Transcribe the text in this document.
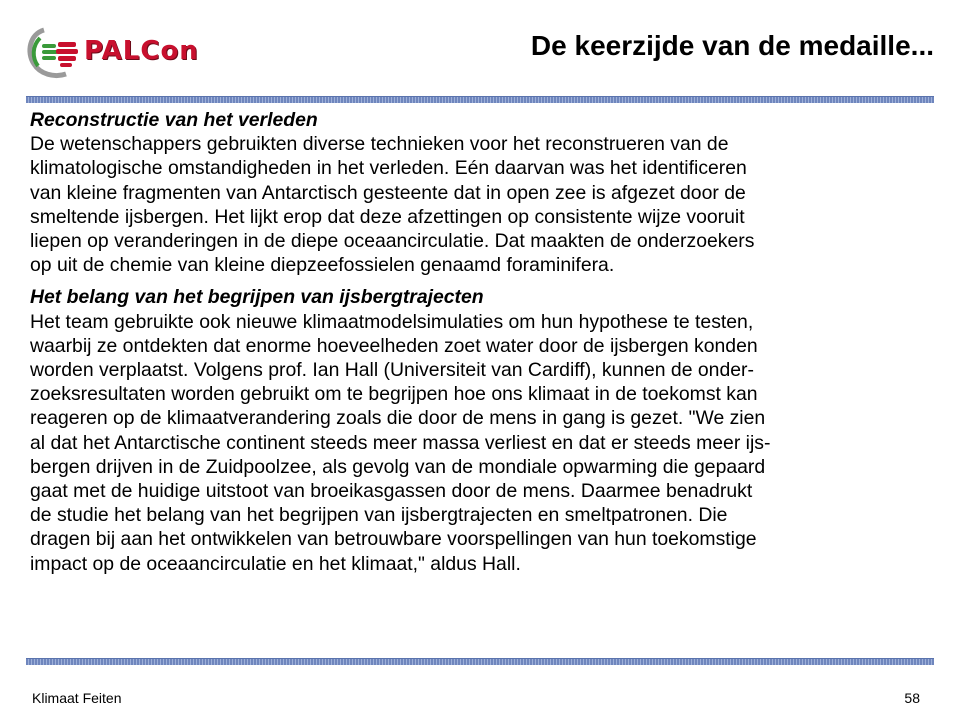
PALCon	De keerzijde van de medaille...

Reconstructie van het verleden

De wetenschappers gebruikten diverse technieken voor het reconstrueren van de
klimatologische omstandigheden in het verleden. Eén daarvan was het identificeren
van kleine fragmenten van Antarctisch gesteente dat in open zee is afgezet door de
smeltende ijsbergen. Het lijkt erop dat deze afzettingen op consistente wijze vooruit
liepen op veranderingen in de diepe oceaancirculatie. Dat maakten de onderzoekers
op uit de chemie van kleine diepzeefossielen genaamd foraminifera.

Het belang van het begrijpen van ijsbergtrajecten

Het team gebruikte ook nieuwe klimaatmodelsimulaties om hun hypothese te testen,
waarbij ze ontdekten dat enorme hoeveelheden zoet water door de ijsbergen konden
worden verplaatst. Volgens prof. Ian Hall (Universiteit van Cardiff), kunnen de onder-
zoeksresultaten worden gebruikt om te begrijpen hoe ons klimaat in de toekomst kan
reageren op de klimaatverandering zoals die door de mens in gang is gezet. "We zien
al dat het Antarctische continent steeds meer massa verliest en dat er steeds meer ijs-
bergen drijven in de Zuidpoolzee, als gevolg van de mondiale opwarming die gepaard
gaat met de huidige uitstoot van broeikasgassen door de mens. Daarmee benadrukt
de studie het belang van het begrijpen van ijsbergtrajecten en smeltpatronen. Die
dragen bij aan het ontwikkelen van betrouwbare voorspellingen van hun toekomstige
impact op de oceaancirculatie en het klimaat," aldus Hall.

Klimaat Feiten	58
